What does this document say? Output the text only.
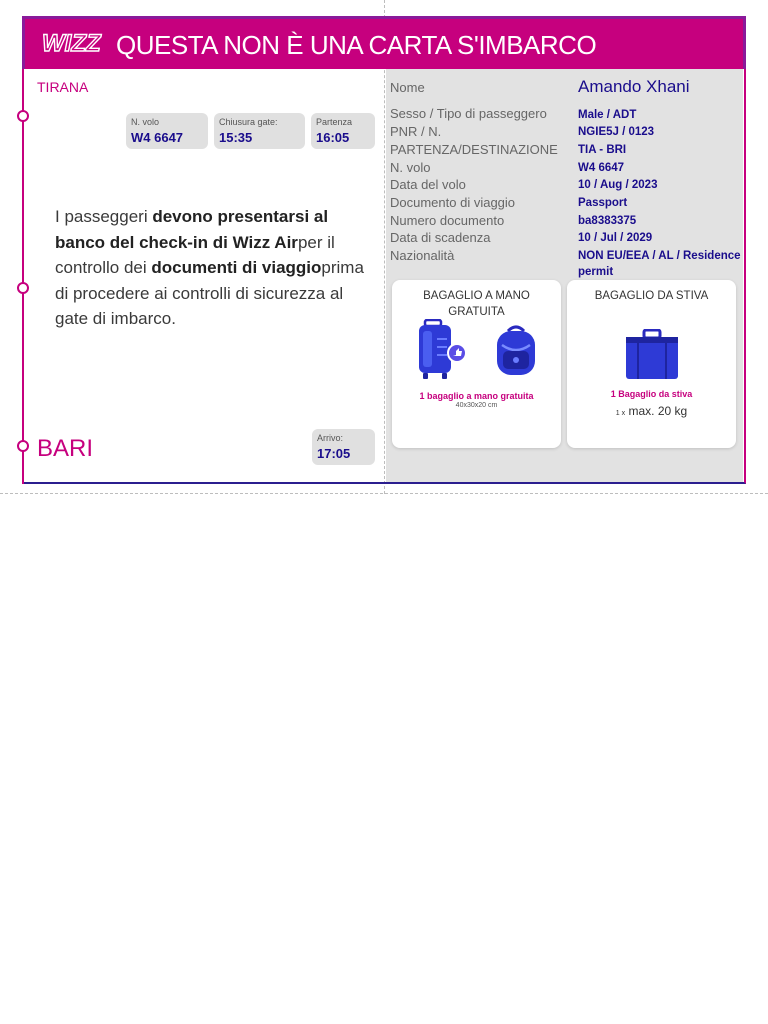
WIZZ QUESTA NON È UNA CARTA S'IMBARCO
TIRANA
BARI
N. volo
W4 6647
Chiusura gate:
15:35
Partenza
16:05
Arrivo:
17:05
I passeggeri devono presentarsi al banco del check-in di Wizz Airper il controllo dei documenti di viaggioprima di procedere ai controlli di sicurezza al gate di imbarco.
Nome	Amando Xhani
Sesso / Tipo di passeggero	Male / ADT
PNR / N.	NGIE5J / 0123
PARTENZA/DESTINAZIONE TIA - BRI
N. volo	W4 6647
Data del volo	10 / Aug / 2023
Documento di viaggio	Passport
Numero documento	ba8383375
Data di scadenza	10 / Jul / 2029
Nazionalità	NON EU/EEA / AL / Residence
permit
BAGAGLIO A MANO
GRATUITA
1 bagaglio a mano gratuita
40x30x20 cm
BAGAGLIO DA STIVA
1 Bagaglio da stiva
1 x max. 20 kg
